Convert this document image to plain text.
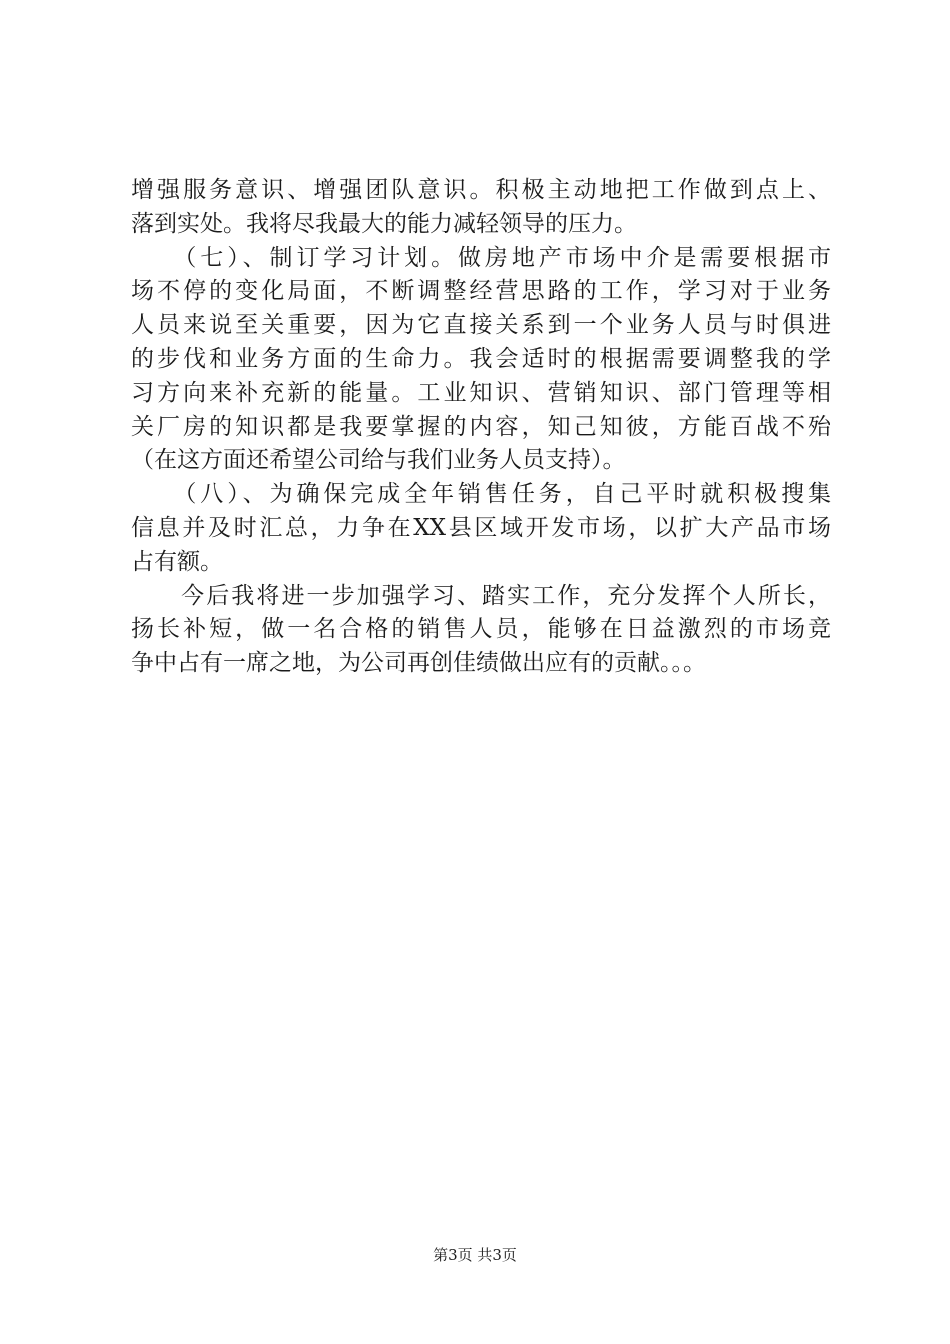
增强服务意识、增强团队意识。积极主动地把工作做到点上、
落到实处。我将尽我最大的能力减轻领导的压力。
　　（七）、制订学习计划。做房地产市场中介是需要根据市
场不停的变化局面，不断调整经营思路的工作，学习对于业务
人员来说至关重要，因为它直接关系到一个业务人员与时俱进
的步伐和业务方面的生命力。我会适时的根据需要调整我的学
习方向来补充新的能量。工业知识、营销知识、部门管理等相
关厂房的知识都是我要掌握的内容，知己知彼，方能百战不殆
（在这方面还希望公司给与我们业务人员支持）。
　　（八）、为确保完成全年销售任务，自己平时就积极搜集
信息并及时汇总，力争在XX县区域开发市场，以扩大产品市场
占有额。
　　今后我将进一步加强学习、踏实工作，充分发挥个人所长，
扬长补短，做一名合格的销售人员，能够在日益激烈的市场竞
争中占有一席之地，为公司再创佳绩做出应有的贡献。。。
第3页 共3页
